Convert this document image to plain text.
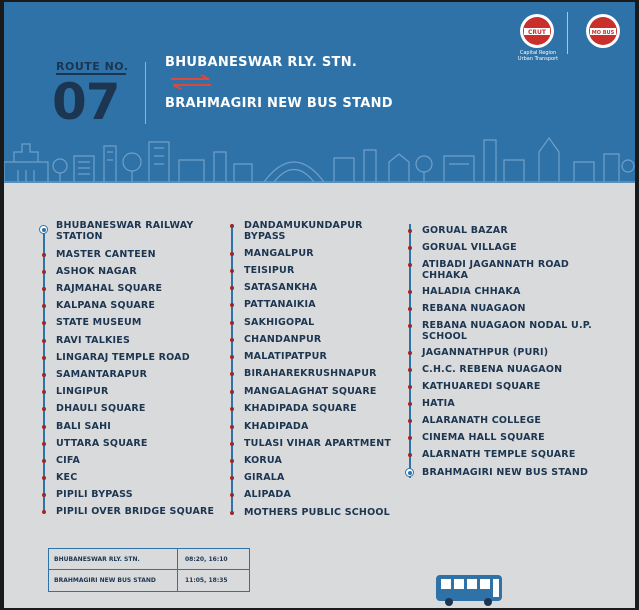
ROUTE NO.
07
BHUBANESWAR RLY. STN.
BRAHMAGIRI NEW BUS STAND
CRUT
Capital Region Urban Transport
MO BUS
BHUBANESWAR RAILWAY STATION
MASTER CANTEEN
ASHOK NAGAR
RAJMAHAL SQUARE
KALPANA SQUARE
STATE MUSEUM
RAVI TALKIES
LINGARAJ TEMPLE ROAD
SAMANTARAPUR
LINGIPUR
DHAULI SQUARE
BALI SAHI
UTTARA SQUARE
CIFA
KEC
PIPILI BYPASS
PIPILI OVER BRIDGE SQUARE
DANDAMUKUNDAPUR BYPASS
MANGALPUR
TEISIPUR
SATASANKHA
PATTANAIKIA
SAKHIGOPAL
CHANDANPUR
MALATIPATPUR
BIRAHAREKRUSHNAPUR
MANGALAGHAT SQUARE
KHADIPADA SQUARE
KHADIPADA
TULASI VIHAR APARTMENT
KORUA
GIRALA
ALIPADA
MOTHERS PUBLIC SCHOOL
GORUAL BAZAR
GORUAL VILLAGE
ATIBADI JAGANNATH ROAD CHHAKA
HALADIA CHHAKA
REBANA NUAGAON
REBANA NUAGAON NODAL U.P. SCHOOL
JAGANNATHPUR (PURI)
C.H.C. REBENA NUAGAON
KATHUAREDI SQUARE
HATIA
ALARANATH COLLEGE
CINEMA HALL SQUARE
ALARNATH TEMPLE SQUARE
BRAHMAGIRI NEW BUS STAND
BHUBANESWAR RLY. STN.	08:20, 16:10
BRAHMAGIRI NEW BUS STAND	11:05, 18:35
